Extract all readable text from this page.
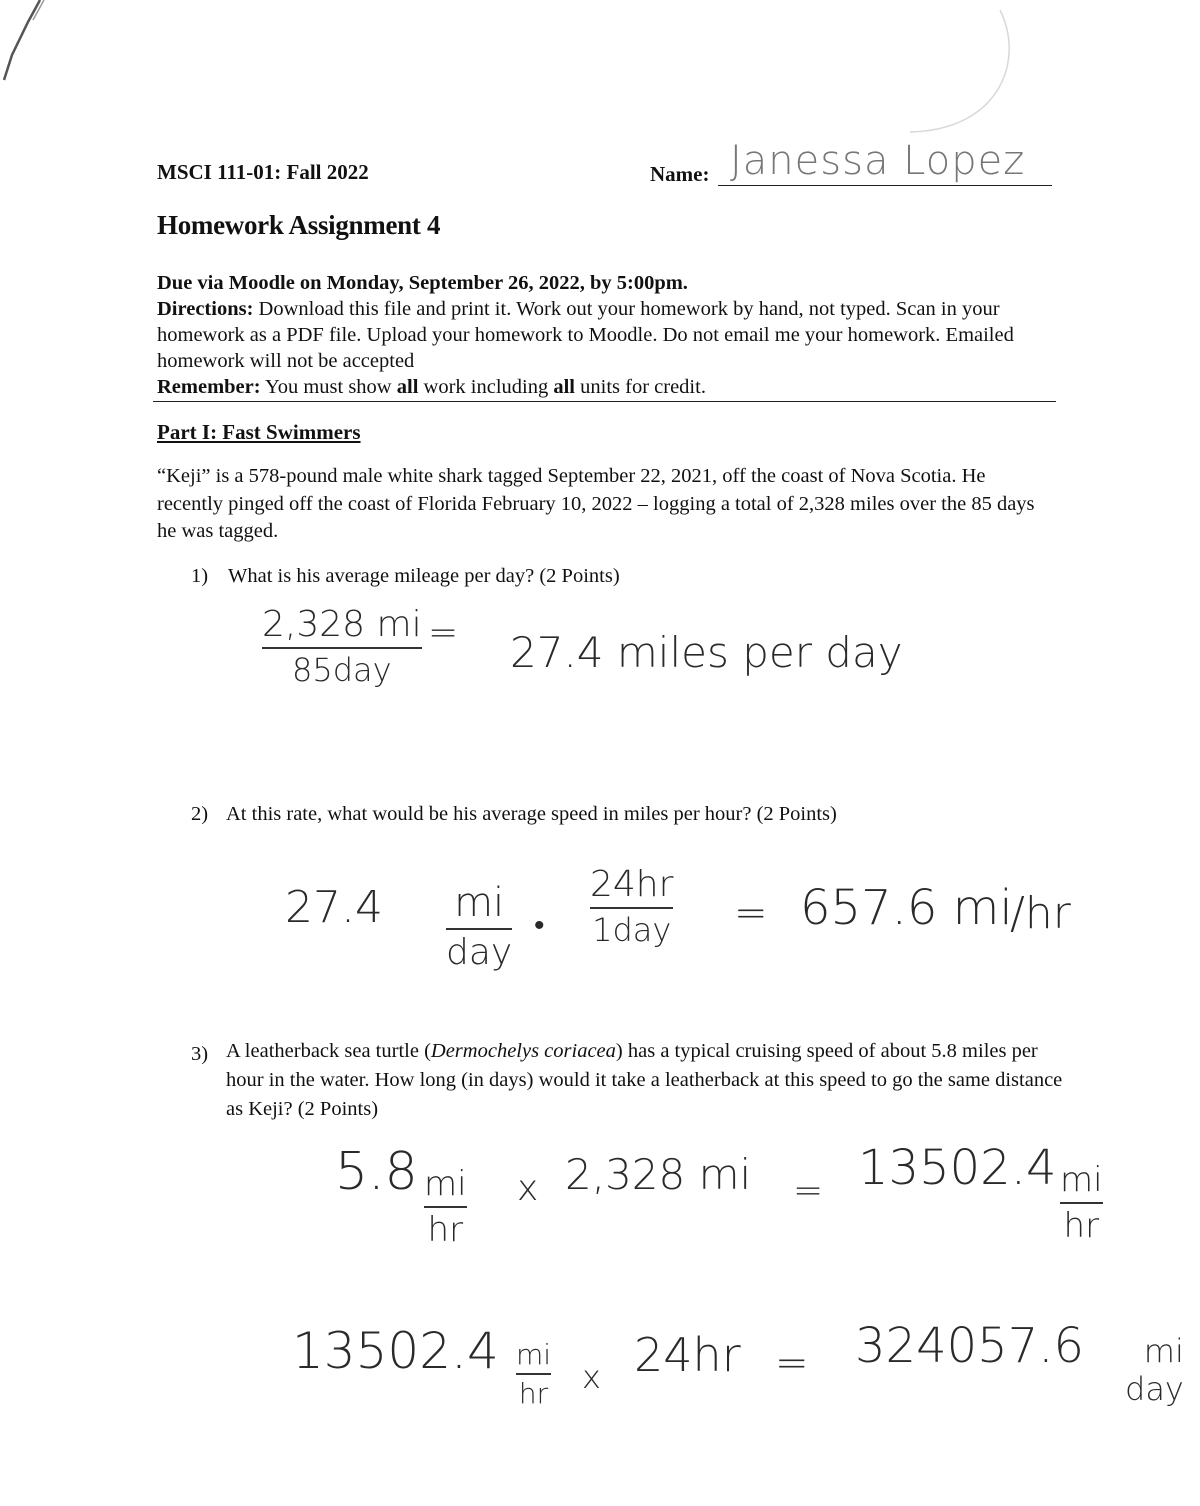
MSCI 111-01: Fall 2022	Name: Janessa Lopez
Homework Assignment 4
Due via Moodle on Monday, September 26, 2022, by 5:00pm.
Directions: Download this file and print it. Work out your homework by hand, not typed. Scan in your homework as a PDF file. Upload your homework to Moodle. Do not email me your homework. Emailed homework will not be accepted
Remember: You must show all work including all units for credit.
Part I: Fast Swimmers
“Keji” is a 578-pound male white shark tagged September 22, 2021, off the coast of Nova Scotia. He recently pinged off the coast of Florida February 10, 2022 – logging a total of 2,328 miles over the 85 days he was tagged.
1) What is his average mileage per day? (2 Points)
2) At this rate, what would be his average speed in miles per hour? (2 Points)
3) A leatherback sea turtle (Dermochelys coriacea) has a typical cruising speed of about 5.8 miles per hour in the water. How long (in days) would it take a leatherback at this speed to go the same distance as Keji? (2 Points)
2,328 mi
85day
= 27.4 miles per day
27.4 mi
day
•
24hr
1day = 657.6 mi
/hr
5.8 mi
hr
x 2,328 mi = 13502.4 mi
hr
13502.4 mi
hr x 24hr = 324057.6	mi
day
